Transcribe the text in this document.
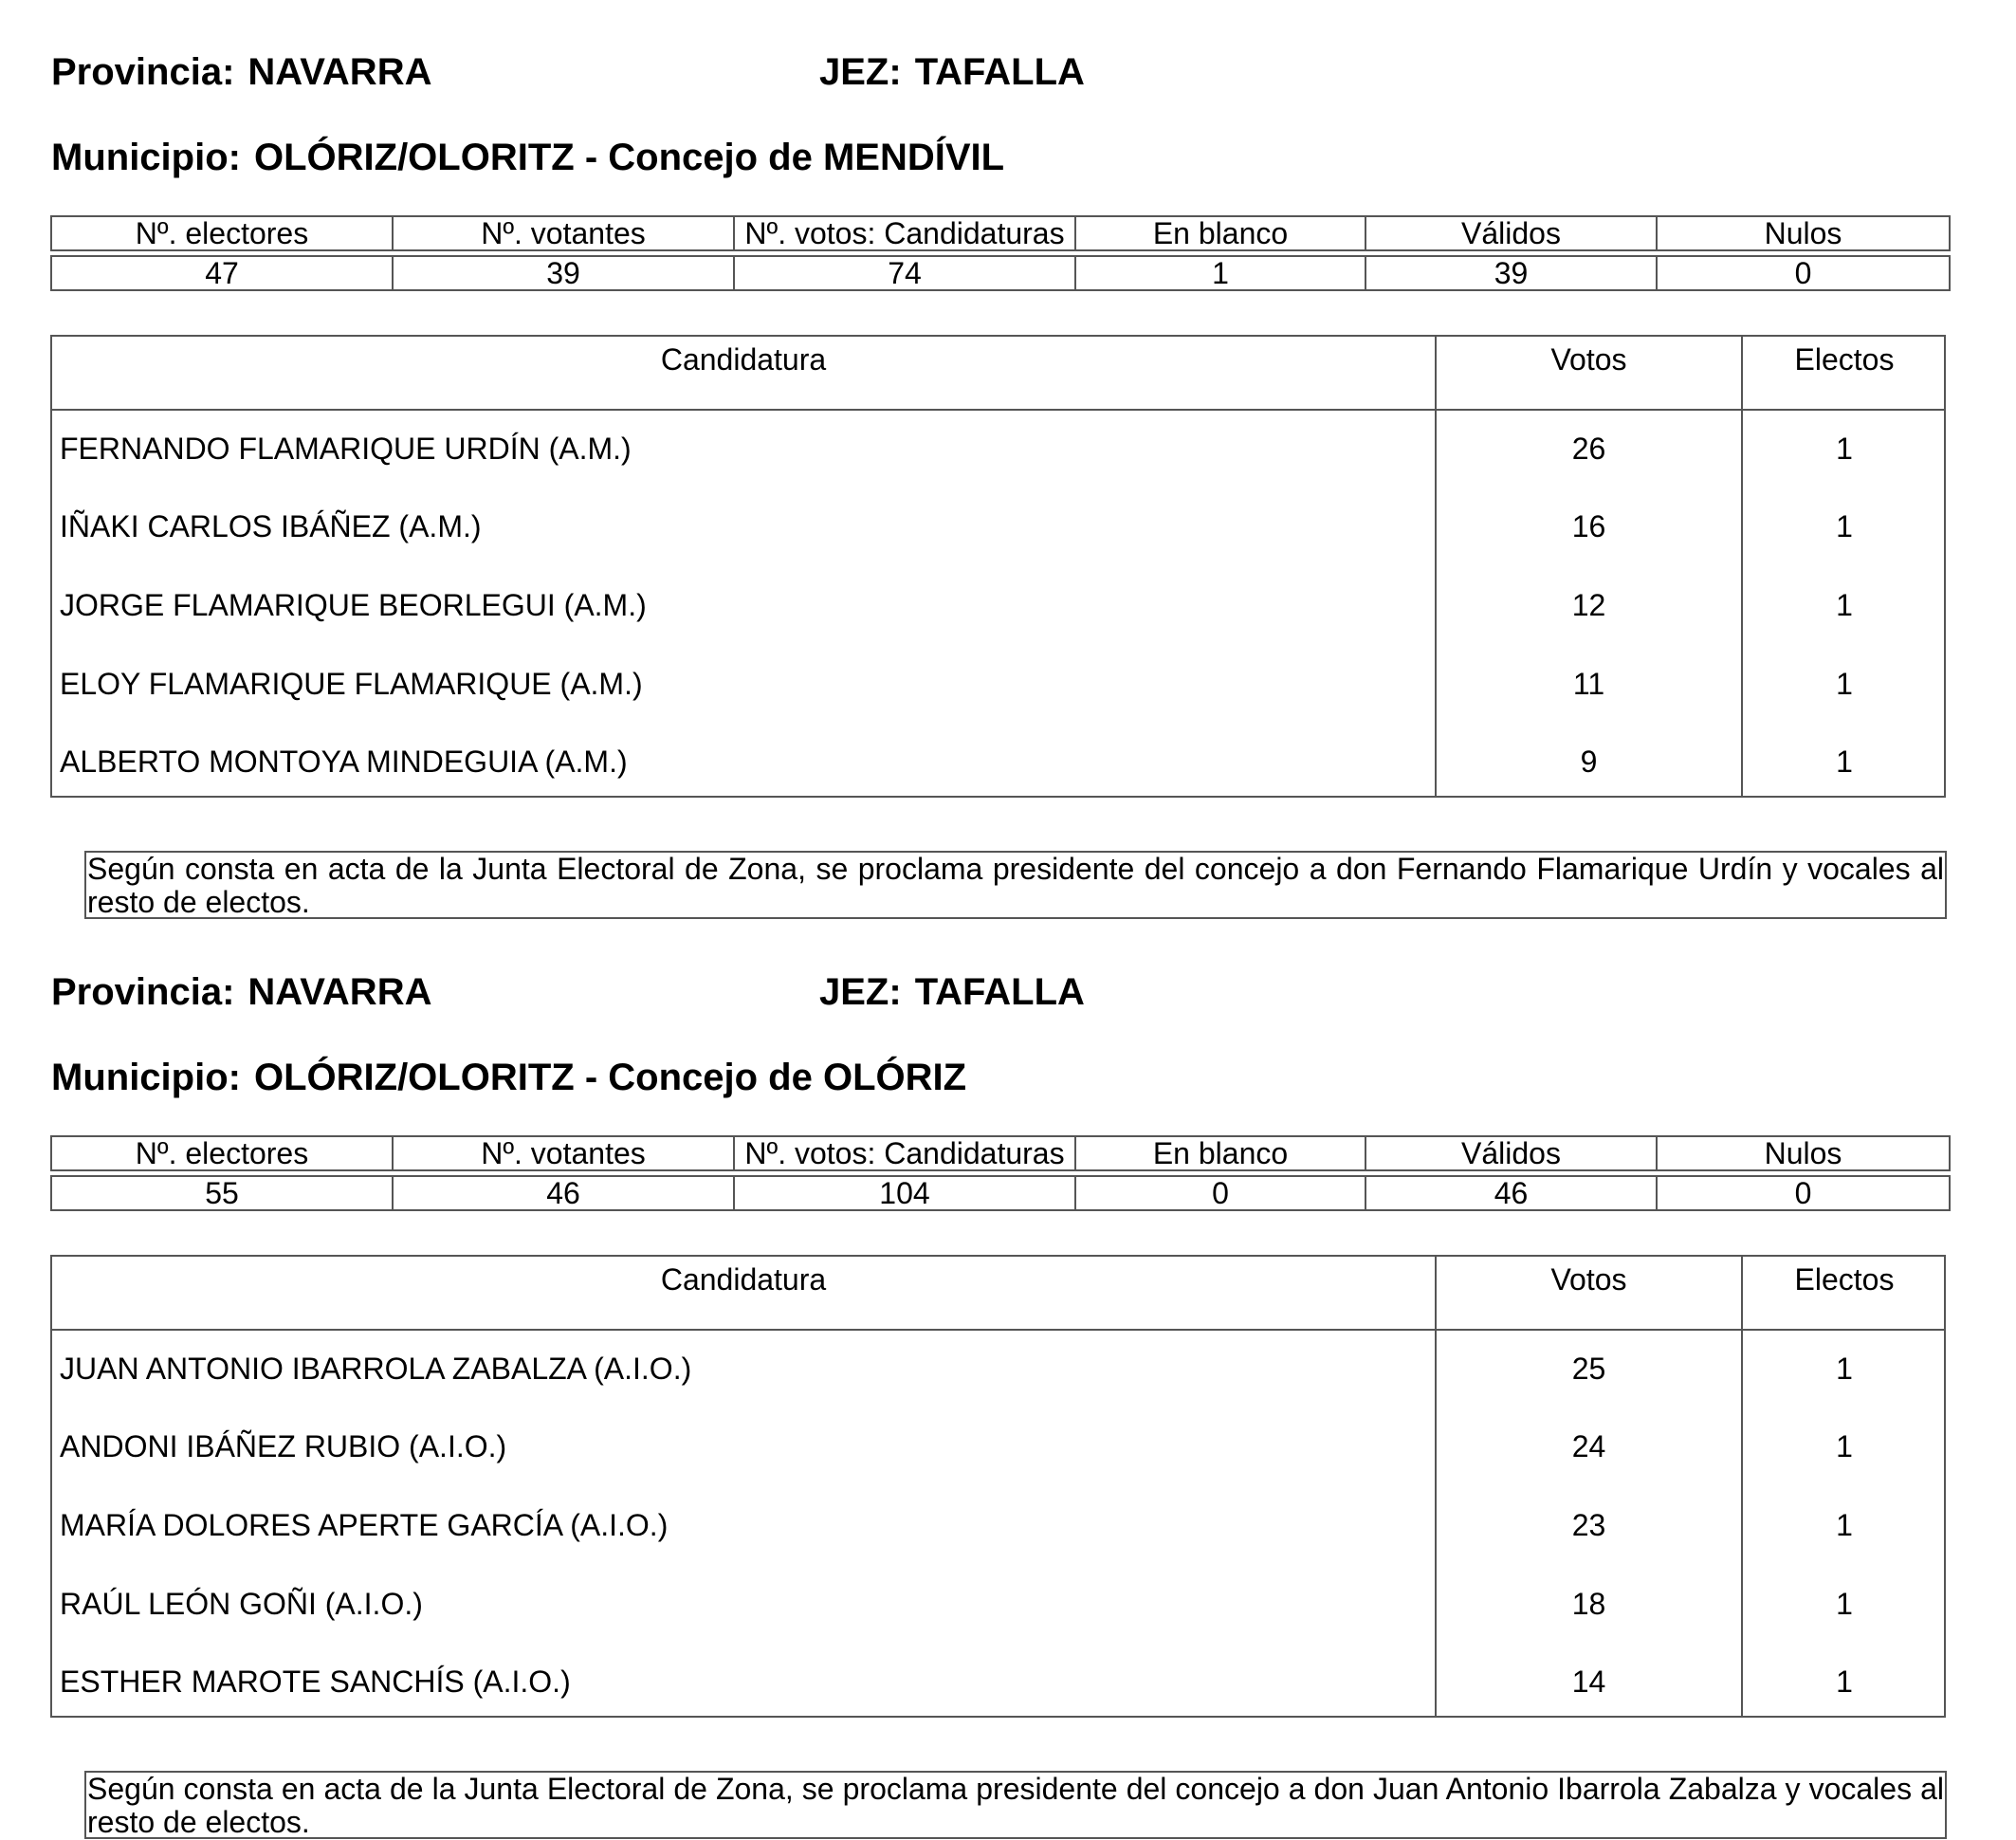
Provincia: NAVARRA	JEZ: TAFALLA
Municipio: OLÓRIZ/OLORITZ - Concejo de MENDÍVIL
Nº. electores	Nº. votantes	Nº. votos: Candidaturas	En blanco	Válidos	Nulos
47	39	74	1	39	0
Candidatura	Votos	Electos
FERNANDO FLAMARIQUE URDÍN (A.M.)	26	1
IÑAKI CARLOS IBÁÑEZ (A.M.)	16	1
JORGE FLAMARIQUE BEORLEGUI (A.M.)	12	1
ELOY FLAMARIQUE FLAMARIQUE (A.M.)	11	1
ALBERTO MONTOYA MINDEGUIA (A.M.)	9	1
Según consta en acta de la Junta Electoral de Zona, se proclama presidente del concejo a don Fernando Flamarique Urdín y vocales al resto de electos.
Provincia: NAVARRA	JEZ: TAFALLA
Municipio: OLÓRIZ/OLORITZ - Concejo de OLÓRIZ
Nº. electores	Nº. votantes	Nº. votos: Candidaturas	En blanco	Válidos	Nulos
55	46	104	0	46	0
Candidatura	Votos	Electos
JUAN ANTONIO IBARROLA ZABALZA (A.I.O.)	25	1
ANDONI IBÁÑEZ RUBIO (A.I.O.)	24	1
MARÍA DOLORES APERTE GARCÍA (A.I.O.)	23	1
RAÚL LEÓN GOÑI (A.I.O.)	18	1
ESTHER MAROTE SANCHÍS (A.I.O.)	14	1
Según consta en acta de la Junta Electoral de Zona, se proclama presidente del concejo a don Juan Antonio Ibarrola Zabalza y vocales al resto de electos.
